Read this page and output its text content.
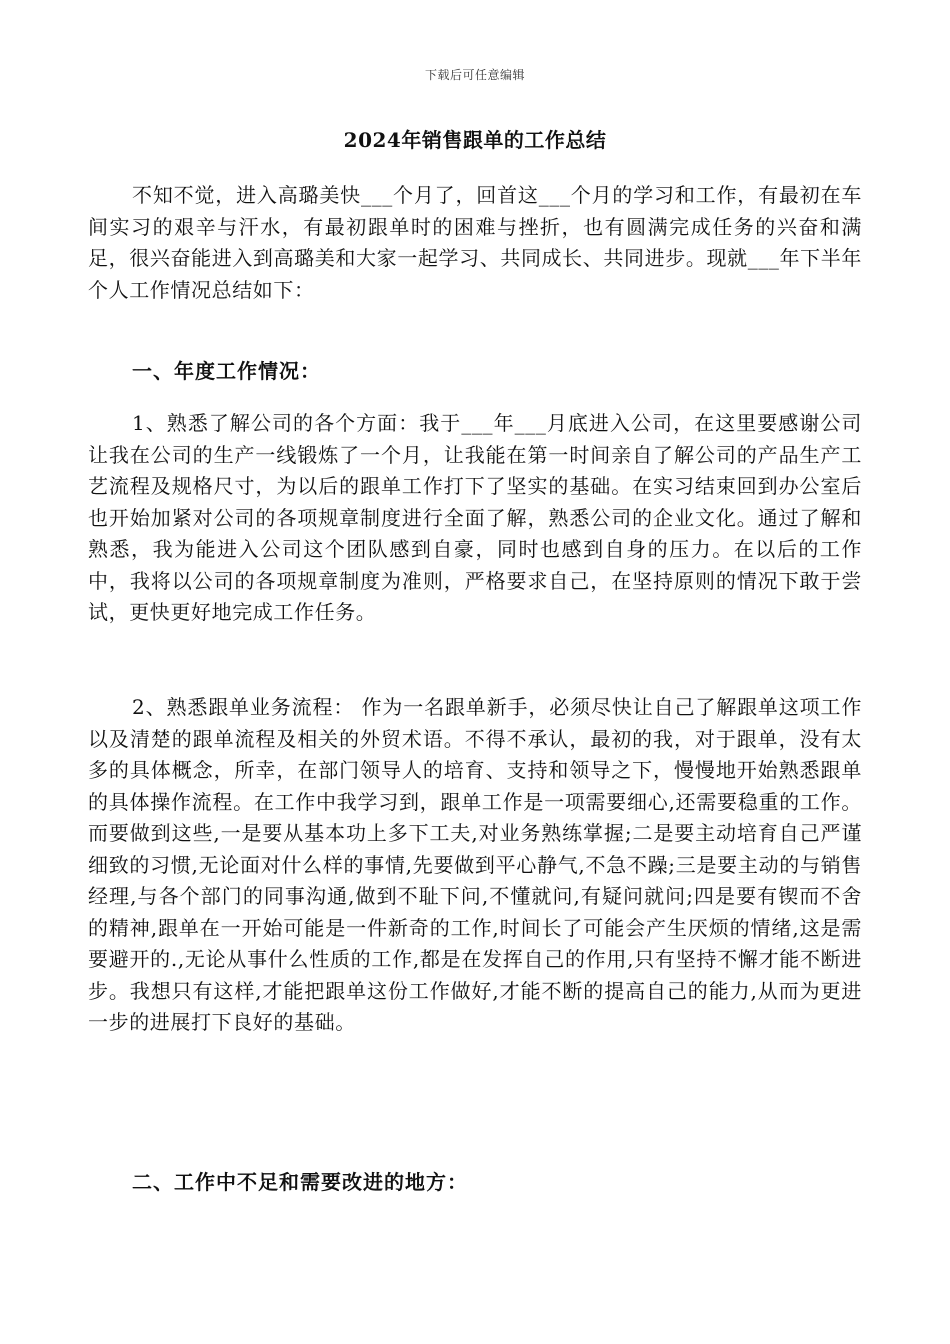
下载后可任意编辑
2024年销售跟单的工作总结

不知不觉，进入高璐美快___个月了，回首这___个月的学习和工作，有最初在车间实习的艰辛与汗水，有最初跟单时的困难与挫折，也有圆满完成任务的兴奋和满足，很兴奋能进入到高璐美和大家一起学习、共同成长、共同进步。现就___年下半年个人工作情况总结如下：

一、年度工作情况：

1、熟悉了解公司的各个方面：我于___年___月底进入公司，在这里要感谢公司让我在公司的生产一线锻炼了一个月，让我能在第一时间亲自了解公司的产品生产工艺流程及规格尺寸，为以后的跟单工作打下了坚实的基础。在实习结束回到办公室后也开始加紧对公司的各项规章制度进行全面了解，熟悉公司的企业文化。通过了解和熟悉，我为能进入公司这个团队感到自豪，同时也感到自身的压力。在以后的工作中，我将以公司的各项规章制度为准则，严格要求自己，在坚持原则的情况下敢于尝试，更快更好地完成工作任务。

2、熟悉跟单业务流程： 作为一名跟单新手，必须尽快让自己了解跟单这项工作以及清楚的跟单流程及相关的外贸术语。不得不承认，最初的我，对于跟单，没有太多的具体概念，所幸，在部门领导人的培育、支持和领导之下，慢慢地开始熟悉跟单的具体操作流程。在工作中我学习到，跟单工作是一项需要细心,还需要稳重的工作。而要做到这些,一是要从基本功上多下工夫,对业务熟练掌握;二是要主动培育自己严谨细致的习惯,无论面对什么样的事情,先要做到平心静气,不急不躁;三是要主动的与销售经理,与各个部门的同事沟通,做到不耻下问,不懂就问,有疑问就问;四是要有锲而不舍的精神,跟单在一开始可能是一件新奇的工作,时间长了可能会产生厌烦的情绪,这是需要避开的.,无论从事什么性质的工作,都是在发挥自己的作用,只有坚持不懈才能不断进步。我想只有这样,才能把跟单这份工作做好,才能不断的提高自己的能力,从而为更进一步的进展打下良好的基础。

二、工作中不足和需要改进的地方：
